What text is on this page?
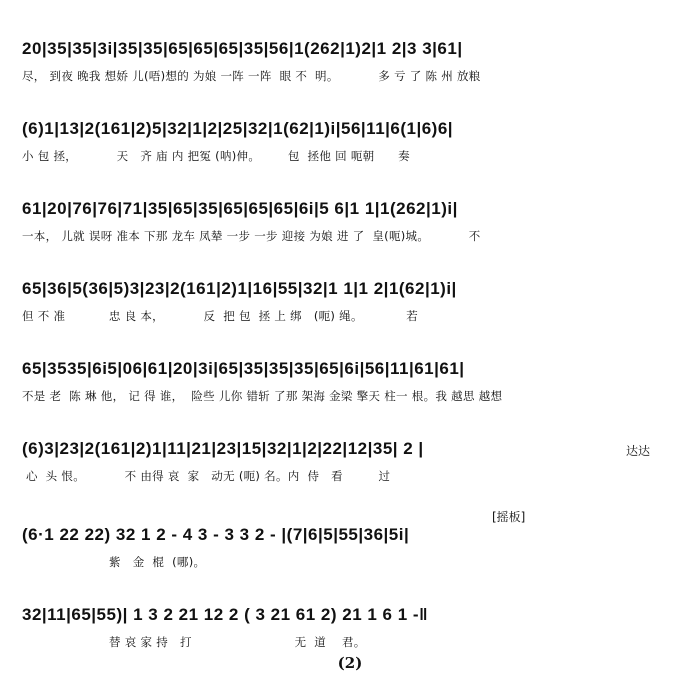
20|35|35|3i|35|35|65|65|65|35|56|1(262|1)2|1 2|3 3|61|
尽， 到夜 晚我 想娇 儿(唔)想的 为娘 一阵 一阵  眼 不  明。          多 亏 了 陈 州 放粮
(6)1|13|2(161|2)5|32|1|2|25|32|1(62|1)i|56|11|6(1|6)6|
小 包 拯，          天   齐 庙 内 把冤 (呐)伸。       包  拯他 回 呃朝      奏
61|20|76|76|71|35|65|35|65|65|65|6i|5 6|1 1|1(262|1)i|
一本， 儿就 误呀 准本 下那 龙车 凤辇 一步 一步 迎接 为娘 进 了  皇(呃)城。          不
65|36|5(36|5)3|23|2(161|2)1|16|55|32|1 1|1 2|1(62|1)i|
但 不 准           忠 良 本，          反  把 包  拯 上 绑   (呃) 绳。           若
65|3535|6i5|06|61|20|3i|65|35|35|35|65|6i|56|11|61|61|
不是 老  陈 琳 他， 记 得 谁，  险些 儿你 错斩 了那 架海 金梁 擎天 柱一 根。我 越思 越想
(6)3|23|2(161|2)1|11|21|23|15|32|1|2|22|12|35| 2 |
心  头 恨。          不 由得 哀  家   动无 (呃) 名。内  侍   看         过
达达
(6·1 22 22) 32 1 2 - 4 3 - 3 3 2 - |(7|6|5|55|36|5i|
紫   金  棍  (哪)。
[摇板]
32|11|65|55)| 1 3 2 21 12 2 ( 3 21 61 2) 21 1 6 1 -‖
替 哀 家 持   打                          无  道    君。
(2)
